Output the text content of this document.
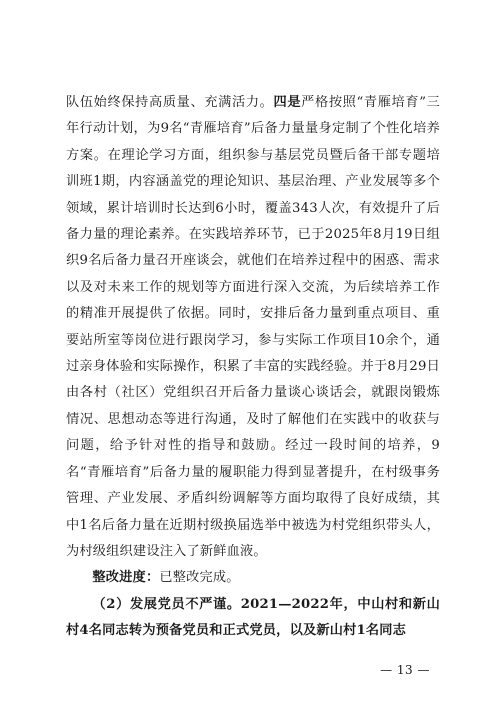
队伍始终保持高质量、充满活力。四是严格按照“青雁培育”三年行动计划，为9名“青雁培育”后备力量量身定制了个性化培养方案。在理论学习方面，组织参与基层党员暨后备干部专题培训班1期，内容涵盖党的理论知识、基层治理、产业发展等多个领域，累计培训时长达到6小时，覆盖343人次，有效提升了后备力量的理论素养。在实践培养环节，已于2025年8月19日组织9名后备力量召开座谈会，就他们在培养过程中的困惑、需求以及对未来工作的规划等方面进行深入交流，为后续培养工作的精准开展提供了依据。同时，安排后备力量到重点项目、重要站所室等岗位进行跟岗学习，参与实际工作项目10余个，通过亲身体验和实际操作，积累了丰富的实践经验。并于8月29日由各村（社区）党组织召开后备力量谈心谈话会，就跟岗锻炼情况、思想动态等进行沟通，及时了解他们在实践中的收获与问题，给予针对性的指导和鼓励。经过一段时间的培养，9名“青雁培育”后备力量的履职能力得到显著提升，在村级事务管理、产业发展、矛盾纠纷调解等方面均取得了良好成绩，其中1名后备力量在近期村级换届选举中被选为村党组织带头人，为村级组织建设注入了新鲜血液。

整改进度：已整改完成。

（2）发展党员不严谨。2021—2022年，中山村和新山村4名同志转为预备党员和正式党员，以及新山村1名同志

— 13 —
